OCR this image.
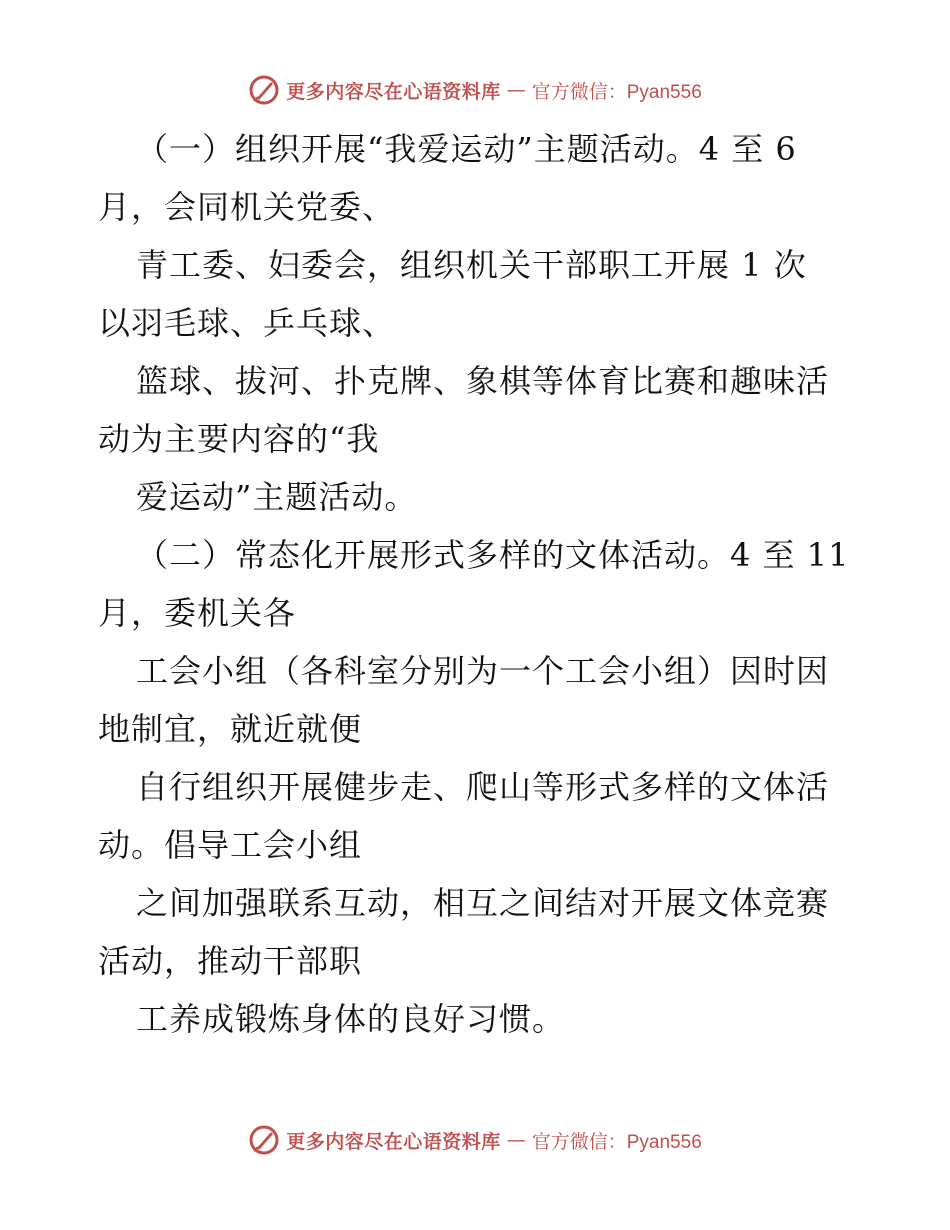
更多内容尽在心语资料库 — 官方微信：Pyan556
（一）组织开展“我爱运动”主题活动。4 至 6
月，会同机关党委、
青工委、妇委会，组织机关干部职工开展 1 次
以羽毛球、乒乓球、
篮球、拔河、扑克牌、象棋等体育比赛和趣味活
动为主要内容的“我
爱运动”主题活动。
（二）常态化开展形式多样的文体活动。4 至 11
月，委机关各
工会小组（各科室分别为一个工会小组）因时因
地制宜，就近就便
自行组织开展健步走、爬山等形式多样的文体活
动。倡导工会小组
之间加强联系互动，相互之间结对开展文体竞赛
活动，推动干部职
工养成锻炼身体的良好习惯。
更多内容尽在心语资料库 — 官方微信：Pyan556
